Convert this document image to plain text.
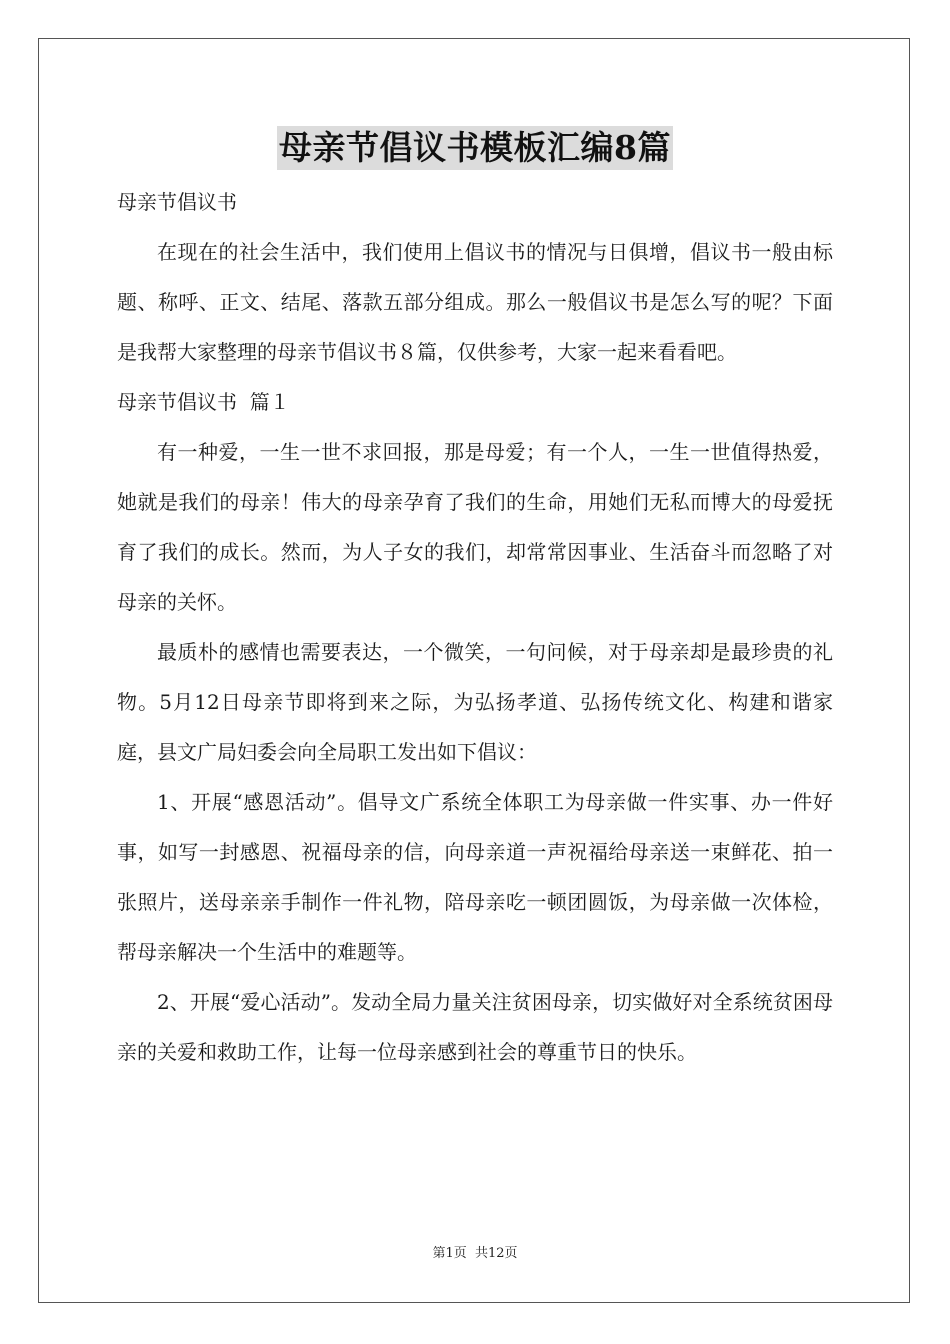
母亲节倡议书模板汇编8篇

母亲节倡议书

在现在的社会生活中，我们使用上倡议书的情况与日俱增，倡议书一般由标题、称呼、正文、结尾、落款五部分组成。那么一般倡议书是怎么写的呢？下面是我帮大家整理的母亲节倡议书８篇，仅供参考，大家一起来看看吧。

母亲节倡议书  篇１

有一种爱，一生一世不求回报，那是母爱；有一个人，一生一世值得热爱，她就是我们的母亲！伟大的母亲孕育了我们的生命，用她们无私而博大的母爱抚育了我们的成长。然而，为人子女的我们，却常常因事业、生活奋斗而忽略了对母亲的关怀。

最质朴的感情也需要表达，一个微笑，一句问候，对于母亲却是最珍贵的礼物。5月12日母亲节即将到来之际，为弘扬孝道、弘扬传统文化、构建和谐家庭，县文广局妇委会向全局职工发出如下倡议：

1、开展“感恩活动”。倡导文广系统全体职工为母亲做一件实事、办一件好事，如写一封感恩、祝福母亲的信，向母亲道一声祝福给母亲送一束鲜花、拍一张照片，送母亲亲手制作一件礼物，陪母亲吃一顿团圆饭，为母亲做一次体检，帮母亲解决一个生活中的难题等。

2、开展“爱心活动”。发动全局力量关注贫困母亲，切实做好对全系统贫困母亲的关爱和救助工作，让每一位母亲感到社会的尊重节日的快乐。

第1页 共12页
